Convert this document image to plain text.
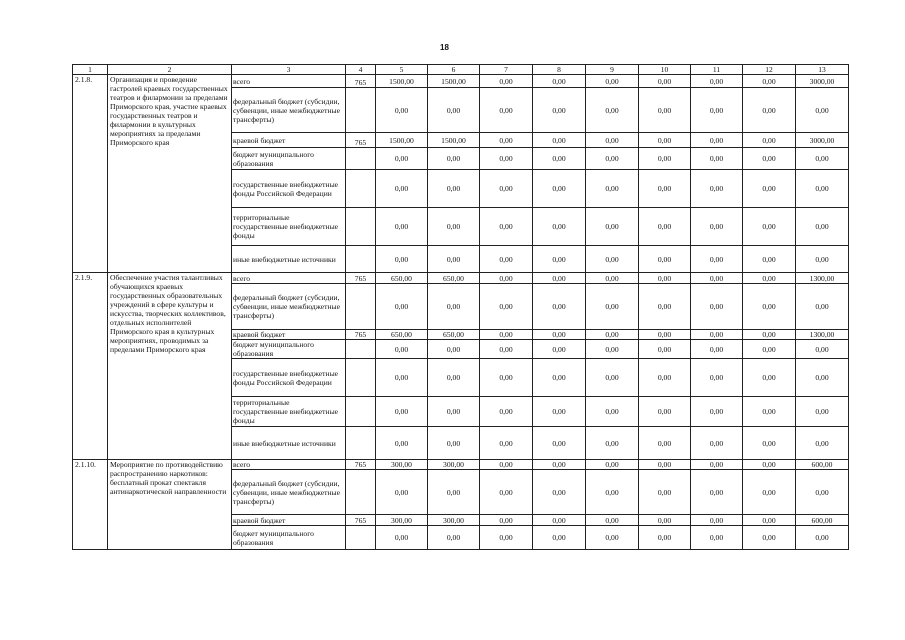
18
1	2	3	4	5	6	7	8	9	10	11	12	13
2.1.8.	Организация и проведение гастролей краевых государственных театров и филармонии за пределами Приморского края, участие краевых государственных театров и филармонии в культурных мероприятиях за пределами Приморского края	всего	765	1500,00	1500,00	0,00	0,00	0,00	0,00	0,00	0,00	3000,00
		федеральный бюджет (субсидии, субвенции, иные межбюджетные трансферты)		0,00	0,00	0,00	0,00	0,00	0,00	0,00	0,00	0,00
		краевой бюджет	765	1500,00	1500,00	0,00	0,00	0,00	0,00	0,00	0,00	3000,00
		бюджет муниципального образования		0,00	0,00	0,00	0,00	0,00	0,00	0,00	0,00	0,00
		государственные внебюджетные фонды Российской Федерации		0,00	0,00	0,00	0,00	0,00	0,00	0,00	0,00	0,00
		территориальные государственные внебюджетные фонды		0,00	0,00	0,00	0,00	0,00	0,00	0,00	0,00	0,00
		иные внебюджетные источники		0,00	0,00	0,00	0,00	0,00	0,00	0,00	0,00	0,00
2.1.9.	Обеспечение участия талантливых обучающихся краевых государственных образовательных учреждений в сфере культуры и искусства, творческих коллективов, отдельных исполнителей Приморского края в культурных мероприятиях, проводимых за пределами Приморского края	всего	765	650,00	650,00	0,00	0,00	0,00	0,00	0,00	0,00	1300,00
		федеральный бюджет (субсидии, субвенции, иные межбюджетные трансферты)		0,00	0,00	0,00	0,00	0,00	0,00	0,00	0,00	0,00
		краевой бюджет	765	650,00	650,00	0,00	0,00	0,00	0,00	0,00	0,00	1300,00
		бюджет муниципального образования		0,00	0,00	0,00	0,00	0,00	0,00	0,00	0,00	0,00
		государственные внебюджетные фонды Российской Федерации		0,00	0,00	0,00	0,00	0,00	0,00	0,00	0,00	0,00
		территориальные государственные внебюджетные фонды		0,00	0,00	0,00	0,00	0,00	0,00	0,00	0,00	0,00
		иные внебюджетные источники		0,00	0,00	0,00	0,00	0,00	0,00	0,00	0,00	0,00
2.1.10.	Мероприятие по противодействию распространению наркотиков: бесплатный прокат спектакля антинаркотической направленности	всего	765	300,00	300,00	0,00	0,00	0,00	0,00	0,00	0,00	600,00
		федеральный бюджет (субсидии, субвенции, иные межбюджетные трансферты)		0,00	0,00	0,00	0,00	0,00	0,00	0,00	0,00	0,00
		краевой бюджет	765	300,00	300,00	0,00	0,00	0,00	0,00	0,00	0,00	600,00
		бюджет муниципального образования		0,00	0,00	0,00	0,00	0,00	0,00	0,00	0,00	0,00
